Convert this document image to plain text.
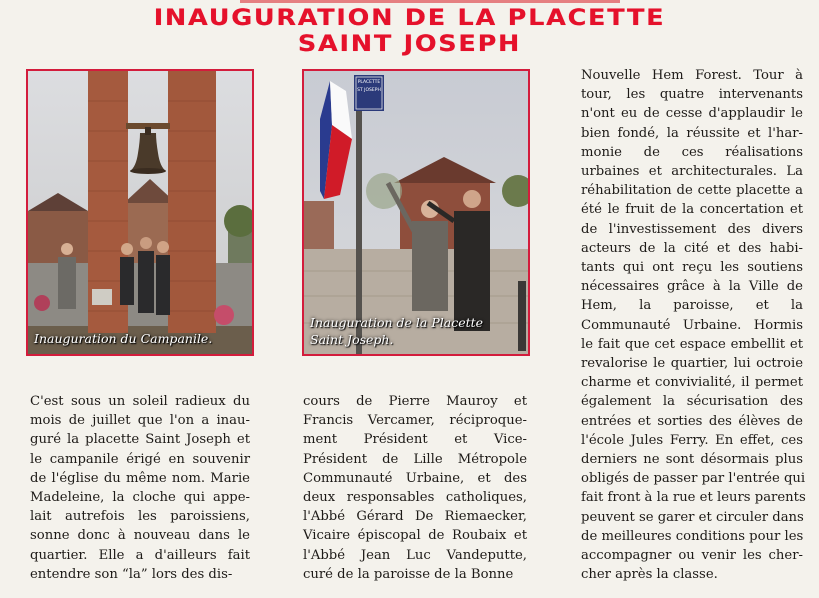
INAUGURATION DE LA PLACETTE
SAINT JOSEPH
Inauguration du Campanile.
PLACETTE
ST JOSEPH
Inauguration de la Placette
Saint Joseph.
C'est sous un soleil radieux du
mois de juillet que l'on a inau-
guré la placette Saint Joseph et
le campanile érigé en souvenir
de l'église du même nom. Marie
Madeleine, la cloche qui appe-
lait autrefois les paroissiens,
sonne donc à nouveau dans le
quartier. Elle a d'ailleurs fait
entendre son “la” lors des dis-
cours de Pierre Mauroy et
Francis Vercamer, réciproque-
ment Président et Vice-
Président de Lille Métropole
Communauté Urbaine, et des
deux responsables catholiques,
l'Abbé Gérard De Riemaecker,
Vicaire épiscopal de Roubaix et
l'Abbé Jean Luc Vandeputte,
curé de la paroisse de la Bonne
Nouvelle Hem Forest. Tour à
tour, les quatre intervenants
n'ont eu de cesse d'applaudir le
bien fondé, la réussite et l'har-
monie de ces réalisations
urbaines et architecturales. La
réhabilitation de cette placette a
été le fruit de la concertation et
de l'investissement des divers
acteurs de la cité et des habi-
tants qui ont reçu les soutiens
nécessaires grâce à la Ville de
Hem, la paroisse, et la
Communauté Urbaine. Hormis
le fait que cet espace embellit et
revalorise le quartier, lui octroie
charme et convivialité, il permet
également la sécurisation des
entrées et sorties des élèves de
l'école Jules Ferry. En effet, ces
derniers ne sont désormais plus
obligés de passer par l'entrée qui
fait front à la rue et leurs parents
peuvent se garer et circuler dans
de meilleures conditions pour les
accompagner ou venir les cher-
cher après la classe.
